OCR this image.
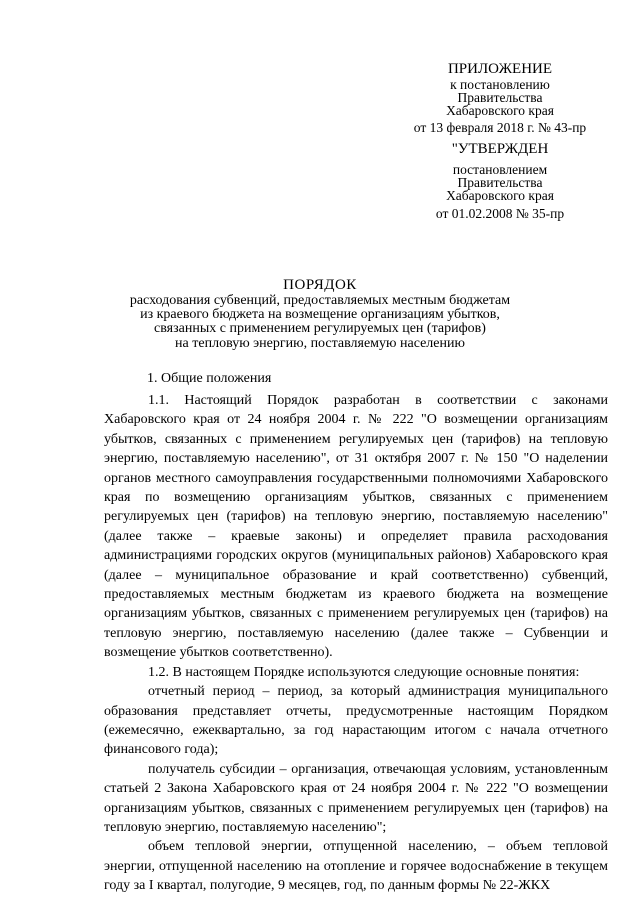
ПРИЛОЖЕНИЕ
к постановлению
Правительства
Хабаровского края
от 13 февраля 2018 г. № 43-пр
"УТВЕРЖДЕН
постановлением
Правительства
Хабаровского края
от 01.02.2008 № 35-пр
ПОРЯДОК
расходования субвенций, предоставляемых местным бюджетам
из краевого бюджета на возмещение организациям убытков,
связанных с применением регулируемых цен (тарифов)
на тепловую энергию, поставляемую населению
1. Общие положения

1.1. Настоящий Порядок разработан в соответствии с законами Хабаровского края от 24 ноября 2004 г. № 222 "О возмещении организациям убытков, связанных с применением регулируемых цен (тарифов) на тепловую энергию, поставляемую населению", от 31 октября 2007 г. № 150 "О наделении органов местного самоуправления государственными полномочиями Хабаровского края по возмещению организациям убытков, связанных с применением регулируемых цен (тарифов) на тепловую энергию, поставляемую населению" (далее также – краевые законы) и определяет правила расходования администрациями городских округов (муниципальных районов) Хабаровского края (далее – муниципальное образование и край соответственно) субвенций, предоставляемых местным бюджетам из краевого бюджета на возмещение организациям убытков, связанных с применением регулируемых цен (тарифов) на тепловую энергию, поставляемую населению (далее также – Субвенции и возмещение убытков соответственно).

1.2. В настоящем Порядке используются следующие основные понятия:

отчетный период – период, за который администрация муниципального образования представляет отчеты, предусмотренные настоящим Порядком (ежемесячно, ежеквартально, за год нарастающим итогом с начала отчетного финансового года);

получатель субсидии – организация, отвечающая условиям, установленным статьей 2 Закона Хабаровского края от 24 ноября 2004 г. № 222 "О возмещении организациям убытков, связанных с применением регулируемых цен (тарифов) на тепловую энергию, поставляемую населению";

объем тепловой энергии, отпущенной населению, – объем тепловой энергии, отпущенной населению на отопление и горячее водоснабжение в текущем году за I квартал, полугодие, 9 месяцев, год, по данным формы № 22-ЖКХ
